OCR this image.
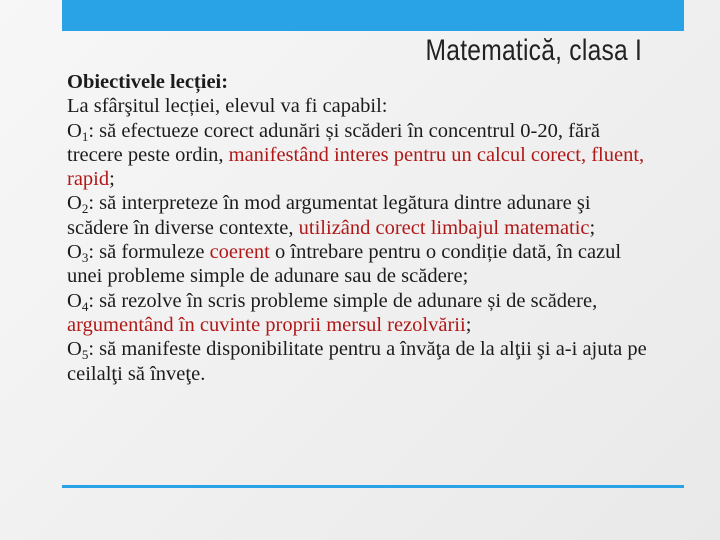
Matematică, clasa I
Obiectivele lecției:
La sfârşitul lecției, elevul va fi capabil:
$O_1$: să efectueze corect adunări și scăderi în concentrul 0-20, fără trecere peste ordin, manifestând interes pentru un calcul corect, fluent, rapid;
$O_2$: să interpreteze în mod argumentat legătura dintre adunare şi scădere în diverse contexte, utilizând corect limbajul matematic;
$O_3$: să formuleze coerent o întrebare pentru o condiție dată, în cazul unei probleme simple de adunare sau de scădere;
$O_4$: să rezolve în scris probleme simple de adunare și de scădere, argumentând în cuvinte proprii mersul rezolvării;
$O_5$: să manifeste disponibilitate pentru a învăţa de la alţii şi a-i ajuta pe ceilalţi să înveţe.
